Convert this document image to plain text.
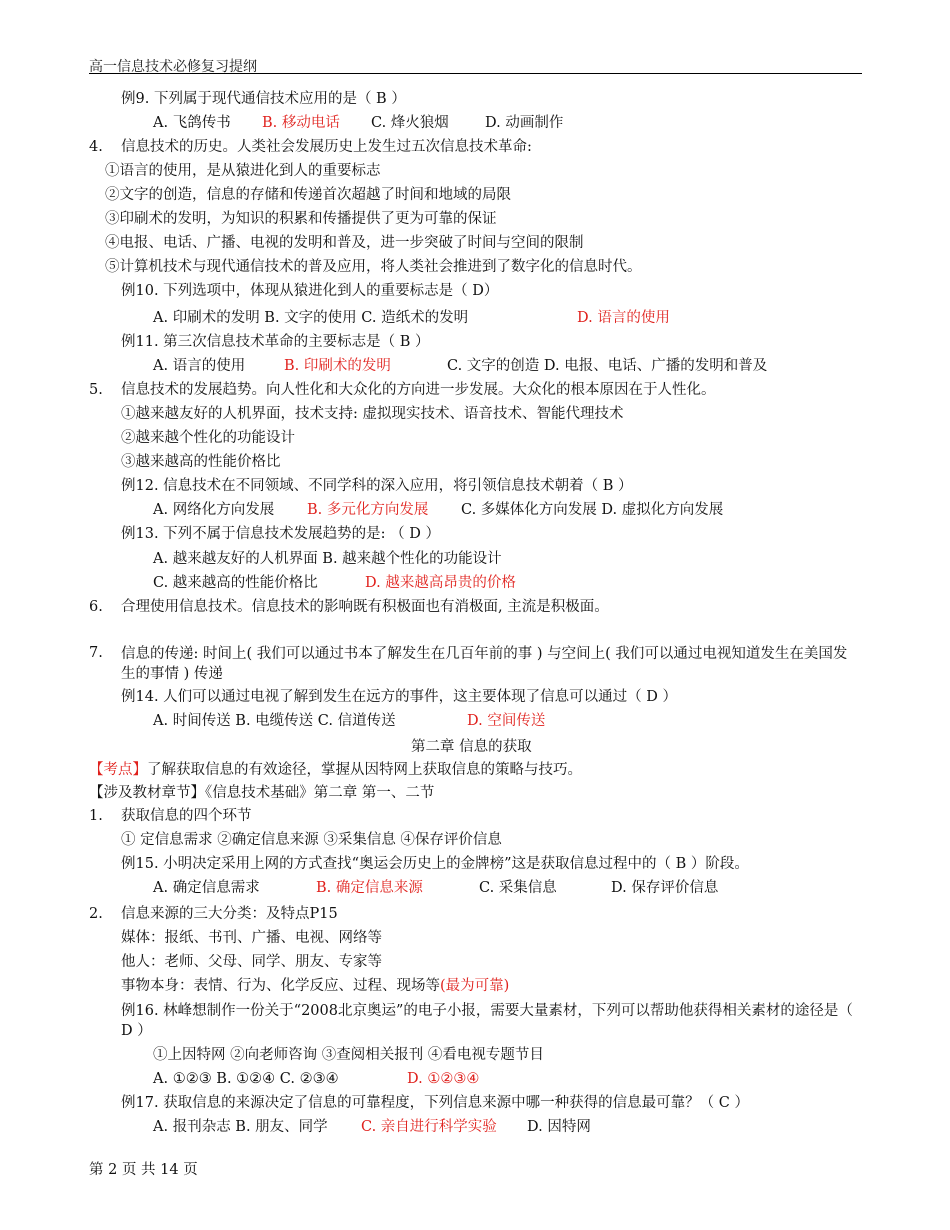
高一信息技术必修复习提纲
例9. 下列属于现代通信技术应用的是（ B ）
A. 飞鸽传书 B. 移动电话 C. 烽火狼烟 D. 动画制作
4. 信息技术的历史。人类社会发展历史上发生过五次信息技术革命:
①语言的使用，是从猿进化到人的重要标志
②文字的创造，信息的存储和传递首次超越了时间和地域的局限
③印刷术的发明，为知识的积累和传播提供了更为可靠的保证
④电报、电话、广播、电视的发明和普及，进一步突破了时间与空间的限制
⑤计算机技术与现代通信技术的普及应用，将人类社会推进到了数字化的信息时代。
例10. 下列选项中，体现从猿进化到人的重要标志是（ D）
A. 印刷术的发明 B. 文字的使用 C. 造纸术的发明	D. 语言的使用
例11. 第三次信息技术革命的主要标志是（ B ）
A. 语言的使用	B. 印刷术的发明	C. 文字的创造 D. 电报、电话、广播的发明和普及
5. 信息技术的发展趋势。向人性化和大众化的方向进一步发展。大众化的根本原因在于人性化。
①越来越友好的人机界面，技术支持: 虚拟现实技术、语音技术、智能代理技术
②越来越个性化的功能设计
③越来越高的性能价格比
例12. 信息技术在不同领域、不同学科的深入应用，将引领信息技术朝着（ B ）
A. 网络化方向发展 B. 多元化方向发展 C. 多媒体化方向发展 D. 虚拟化方向发展
例13. 下列不属于信息技术发展趋势的是: （ D ）
A. 越来越友好的人机界面 B. 越来越个性化的功能设计
C. 越来越高的性能价格比	D. 越来越高昂贵的价格
6. 合理使用信息技术。信息技术的影响既有积极面也有消极面, 主流是积极面。
7. 信息的传递: 时间上( 我们可以通过书本了解发生在几百年前的事 ) 与空间上( 我们可以通过电视知道发生在美国发生的事情 ) 传递
例14. 人们可以通过电视了解到发生在远方的事件，这主要体现了信息可以通过（ D ）
A. 时间传送 B. 电缆传送 C. 信道传送	D. 空间传送
第二章 信息的获取
【考点】了解获取信息的有效途径，掌握从因特网上获取信息的策略与技巧。
【涉及教材章节】《信息技术基础》第二章 第一、二节
1. 获取信息的四个环节
① 定信息需求 ②确定信息来源 ③采集信息 ④保存评价信息
例15. 小明决定采用上网的方式查找“奥运会历史上的金牌榜”这是获取信息过程中的（ B ）阶段。
A. 确定信息需求	B. 确定信息来源	C. 采集信息	D. 保存评价信息
2. 信息来源的三大分类：及特点P15
媒体：报纸、书刊、广播、电视、网络等
他人：老师、父母、同学、朋友、专家等
事物本身：表情、行为、化学反应、过程、现场等(最为可靠)
例16. 林峰想制作一份关于“2008北京奥运”的电子小报，需要大量素材，下列可以帮助他获得相关素材的途径是（ D ）
①上因特网 ②向老师咨询 ③查阅相关报刊 ④看电视专题节目
A. ①②③ B. ①②④ C. ②③④	D. ①②③④
例17. 获取信息的来源决定了信息的可靠程度，下列信息来源中哪一种获得的信息最可靠？（ C ）
A. 报刊杂志 B. 朋友、同学 C. 亲自进行科学实验 D. 因特网
第 2 页 共 14 页
